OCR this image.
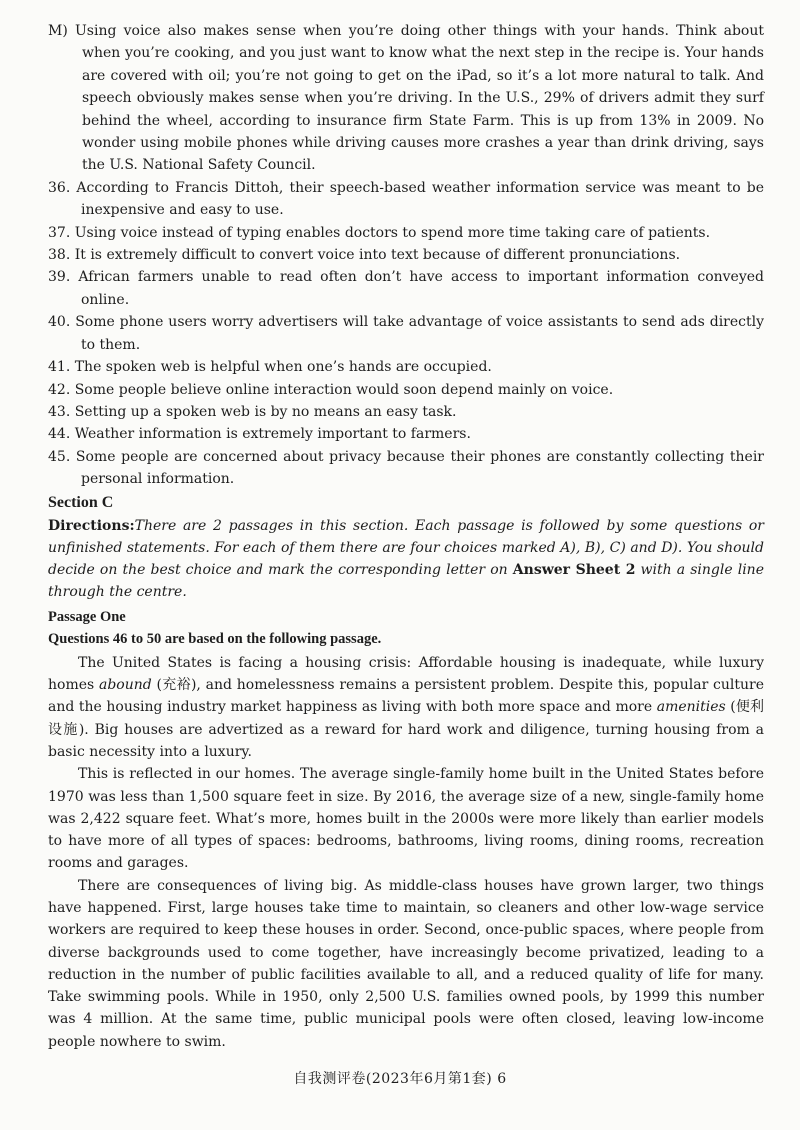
M) Using voice also makes sense when you’re doing other things with your hands. Think about when you’re cooking, and you just want to know what the next step in the recipe is. Your hands are covered with oil; you’re not going to get on the iPad, so it’s a lot more natural to talk. And speech obviously makes sense when you’re driving. In the U.S., 29% of drivers admit they surf behind the wheel, according to insurance firm State Farm. This is up from 13% in 2009. No wonder using mobile phones while driving causes more crashes a year than drink driving, says the U.S. National Safety Council.

36. According to Francis Dittoh, their speech-based weather information service was meant to be inexpensive and easy to use.

37. Using voice instead of typing enables doctors to spend more time taking care of patients.

38. It is extremely difficult to convert voice into text because of different pronunciations.

39. African farmers unable to read often don’t have access to important information conveyed online.

40. Some phone users worry advertisers will take advantage of voice assistants to send ads directly to them.

41. The spoken web is helpful when one’s hands are occupied.

42. Some people believe online interaction would soon depend mainly on voice.

43. Setting up a spoken web is by no means an easy task.

44. Weather information is extremely important to farmers.

45. Some people are concerned about privacy because their phones are constantly collecting their personal information.

Section C

Directions:There are 2 passages in this section. Each passage is followed by some questions or unfinished statements. For each of them there are four choices marked A), B), C) and D). You should decide on the best choice and mark the corresponding letter on Answer Sheet 2 with a single line through the centre.

Passage One
Questions 46 to 50 are based on the following passage.

The United States is facing a housing crisis: Affordable housing is inadequate, while luxury homes abound (充裕), and homelessness remains a persistent problem. Despite this, popular culture and the housing industry market happiness as living with both more space and more amenities (便利设施). Big houses are advertized as a reward for hard work and diligence, turning housing from a basic necessity into a luxury.

This is reflected in our homes. The average single-family home built in the United States before 1970 was less than 1,500 square feet in size. By 2016, the average size of a new, single-family home was 2,422 square feet. What’s more, homes built in the 2000s were more likely than earlier models to have more of all types of spaces: bedrooms, bathrooms, living rooms, dining rooms, recreation rooms and garages.

There are consequences of living big. As middle-class houses have grown larger, two things have happened. First, large houses take time to maintain, so cleaners and other low-wage service workers are required to keep these houses in order. Second, once-public spaces, where people from diverse backgrounds used to come together, have increasingly become privatized, leading to a reduction in the number of public facilities available to all, and a reduced quality of life for many. Take swimming pools. While in 1950, only 2,500 U.S. families owned pools, by 1999 this number was 4 million. At the same time, public municipal pools were often closed, leaving low-income people nowhere to swim.

自我测评卷(2023年6月第1套) 6
